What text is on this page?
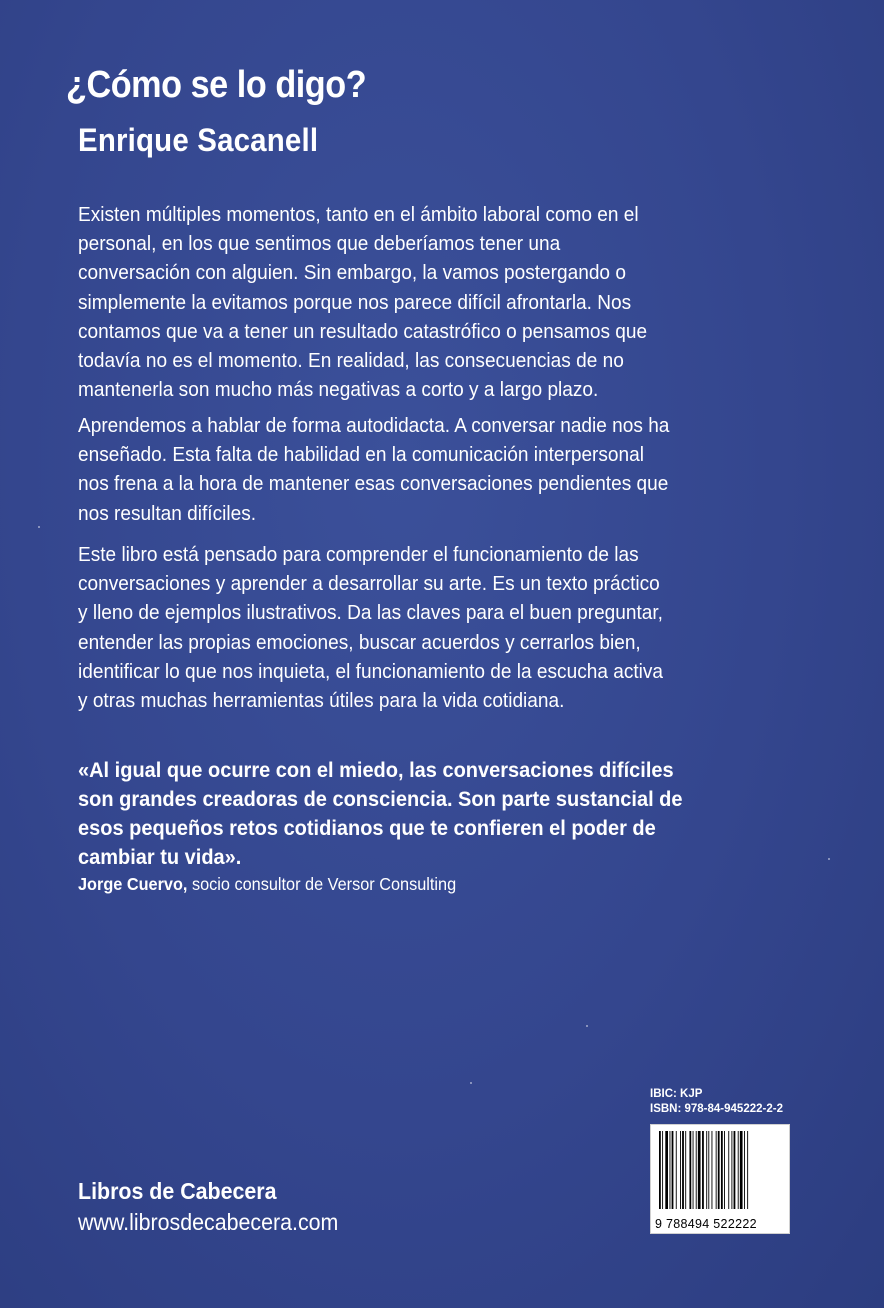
¿Cómo se lo digo?
Enrique Sacanell

Existen múltiples momentos, tanto en el ámbito laboral como en el personal, en los que sentimos que deberíamos tener una conversación con alguien. Sin embargo, la vamos postergando o simplemente la evitamos porque nos parece difícil afrontarla. Nos contamos que va a tener un resultado catastrófico o pensamos que todavía no es el momento. En realidad, las consecuencias de no mantenerla son mucho más negativas a corto y a largo plazo.

Aprendemos a hablar de forma autodidacta. A conversar nadie nos ha enseñado. Esta falta de habilidad en la comunicación interpersonal nos frena a la hora de mantener esas conversaciones pendientes que nos resultan difíciles.

Este libro está pensado para comprender el funcionamiento de las conversaciones y aprender a desarrollar su arte. Es un texto práctico y lleno de ejemplos ilustrativos. Da las claves para el buen preguntar, entender las propias emociones, buscar acuerdos y cerrarlos bien, identificar lo que nos inquieta, el funcionamiento de la escucha activa y otras muchas herramientas útiles para la vida cotidiana.

«Al igual que ocurre con el miedo, las conversaciones difíciles son grandes creadoras de consciencia. Son parte sustancial de esos pequeños retos cotidianos que te confieren el poder de cambiar tu vida».

Jorge Cuervo, socio consultor de Versor Consulting
Libros de Cabecera
www.librosdecabecera.com
IBIC: KJP
ISBN: 978-84-945222-2-2
9 788494 522222
